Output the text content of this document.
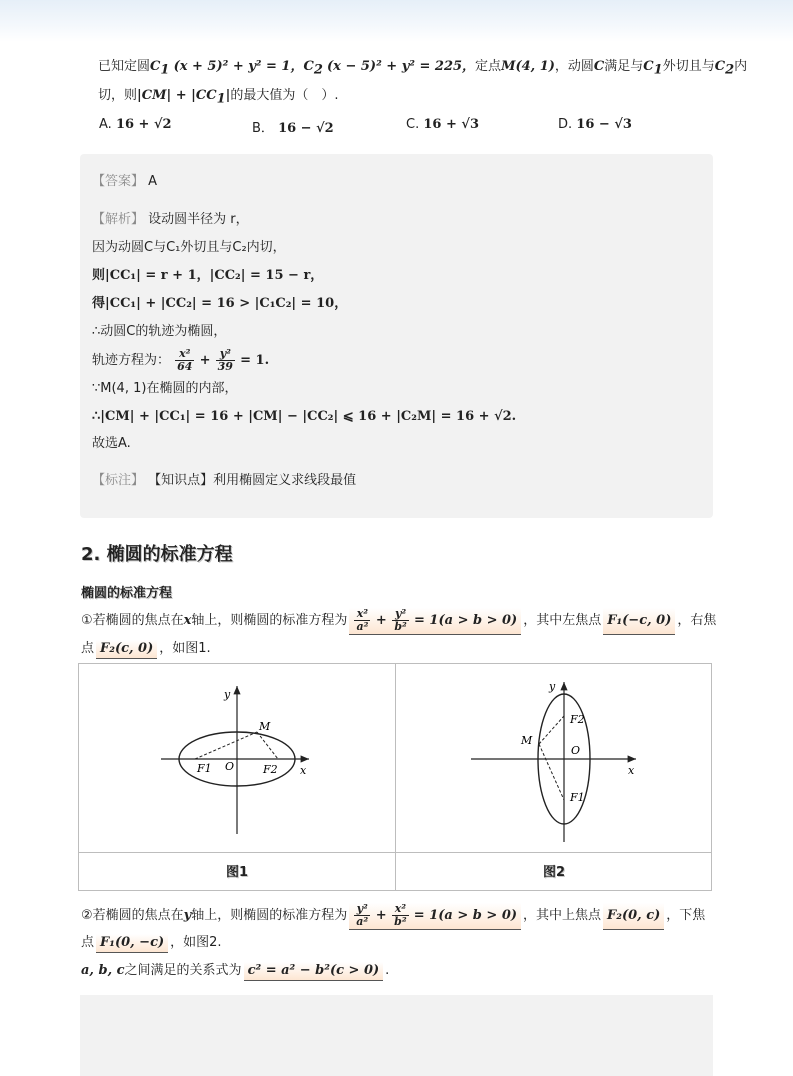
已知定圆$C_1$ (x + 5)² + y² = 1，$C_2$ (x − 5)² + y² = 225，定点M(4, 1)，动圆C满足与$C_1$外切且与$C_2$内
切，则$|CM| + |CC_1|$的最大值为（　）.
A. 16 + √2	B． 16 − √2	C. 16 + √3	D. 16 − √3
【答案】 A
【解析】 设动圆半径为 r，
因为动圆C与C₁外切且与C₂内切，
则|CC₁| = r + 1，|CC₂| = 15 − r，
得|CC₁| + |CC₂| = 16 > |C₁C₂| = 10，
∴动圆C的轨迹为椭圆，
轨迹方程为： $\frac{\text{x²}}{64} + \frac{\text{y²}}{39} = 1$.
∵M(4, 1)在椭圆的内部，
∴|CM| + |CC₁| = 16 + |CM| − |CC₂| ⩽ 16 + |C₂M| = 16 + √2.
故选A.
【标注】 【知识点】利用椭圆定义求线段最值
2. 椭圆的标准方程
椭圆的标准方程
①若椭圆的焦点在x轴上，则椭圆的标准方程为 $\frac{\text{x²}}{\text{a²}} + \frac{\text{y²}}{\text{b²}} = 1(a > b > 0)$ ，其中左焦点 F₁(−c, 0) ，右焦
点 F₂(c, 0) ，如图1.
y
x
O
M
F1	F2
y
x
O
M
F2
F1
图1	图2
②若椭圆的焦点在y轴上，则椭圆的标准方程为 $\frac{\text{y²}}{\text{a²}} + \frac{\text{x²}}{\text{b²}} = 1(a > b > 0)$ ，其中上焦点 F₂(0, c) ，下焦
点 F₁(0, −c) ，如图2.
a, b, c之间满足的关系式为 c² = a² − b²(c > 0) .
